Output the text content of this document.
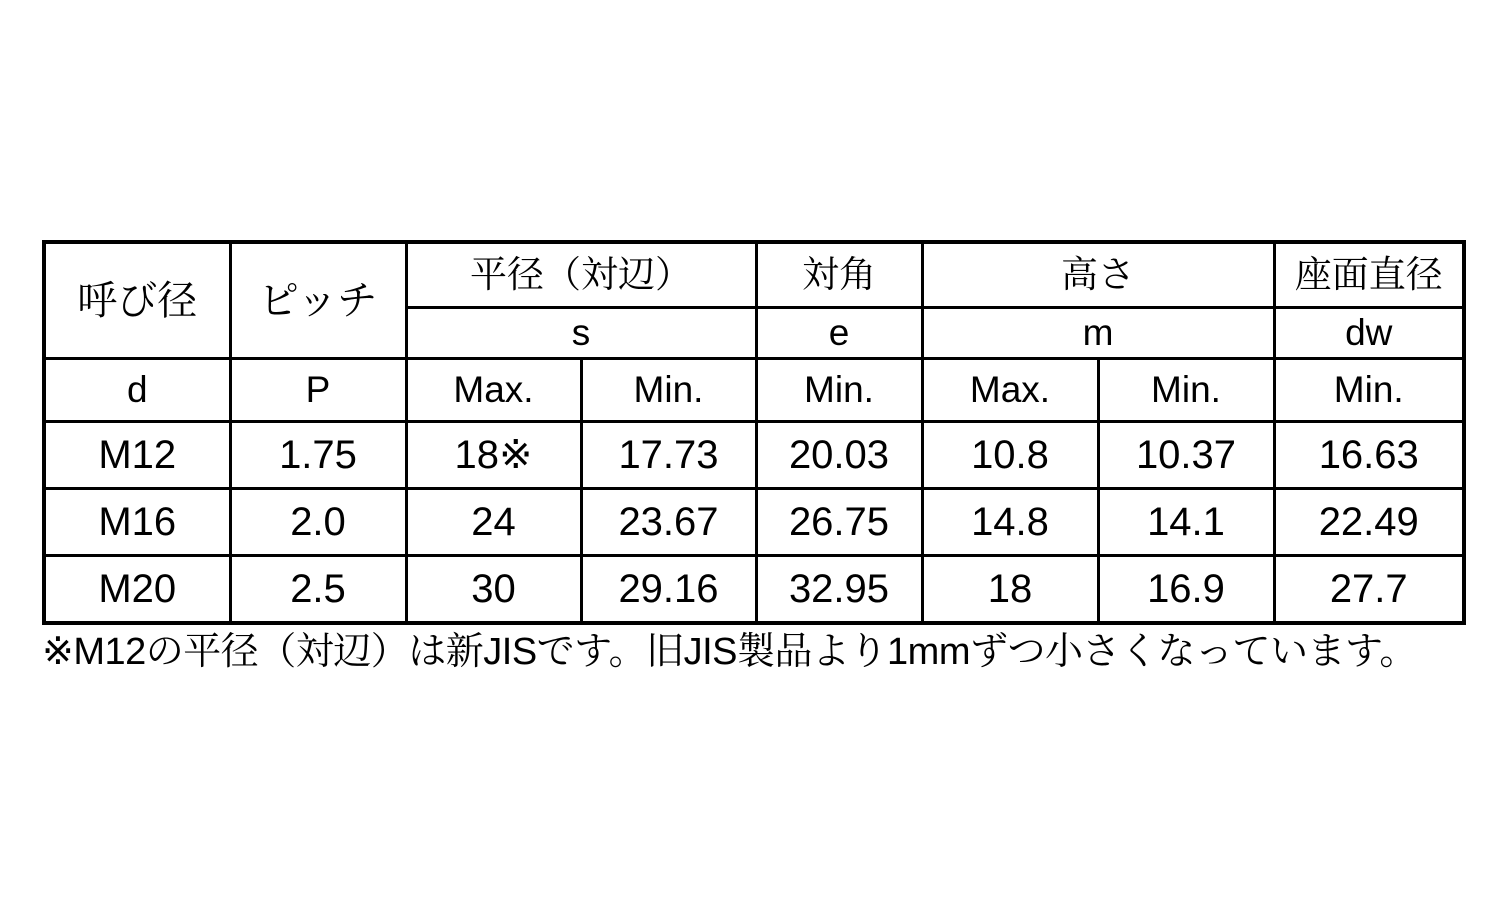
呼び径	ピッチ	平径（対辺）		対角	高さ		座面直径
		s		e	m		dw
d	P	Max.	Min.	Min.	Max.	Min.	Min.
M12	1.75	18※	17.73	20.03	10.8	10.37	16.63
M16	2.0	24	23.67	26.75	14.8	14.1	22.49
M20	2.5	30	29.16	32.95	18	16.9	27.7
※M12の平径（対辺）は新JISです。旧JIS製品より1mmずつ小さくなっています。
